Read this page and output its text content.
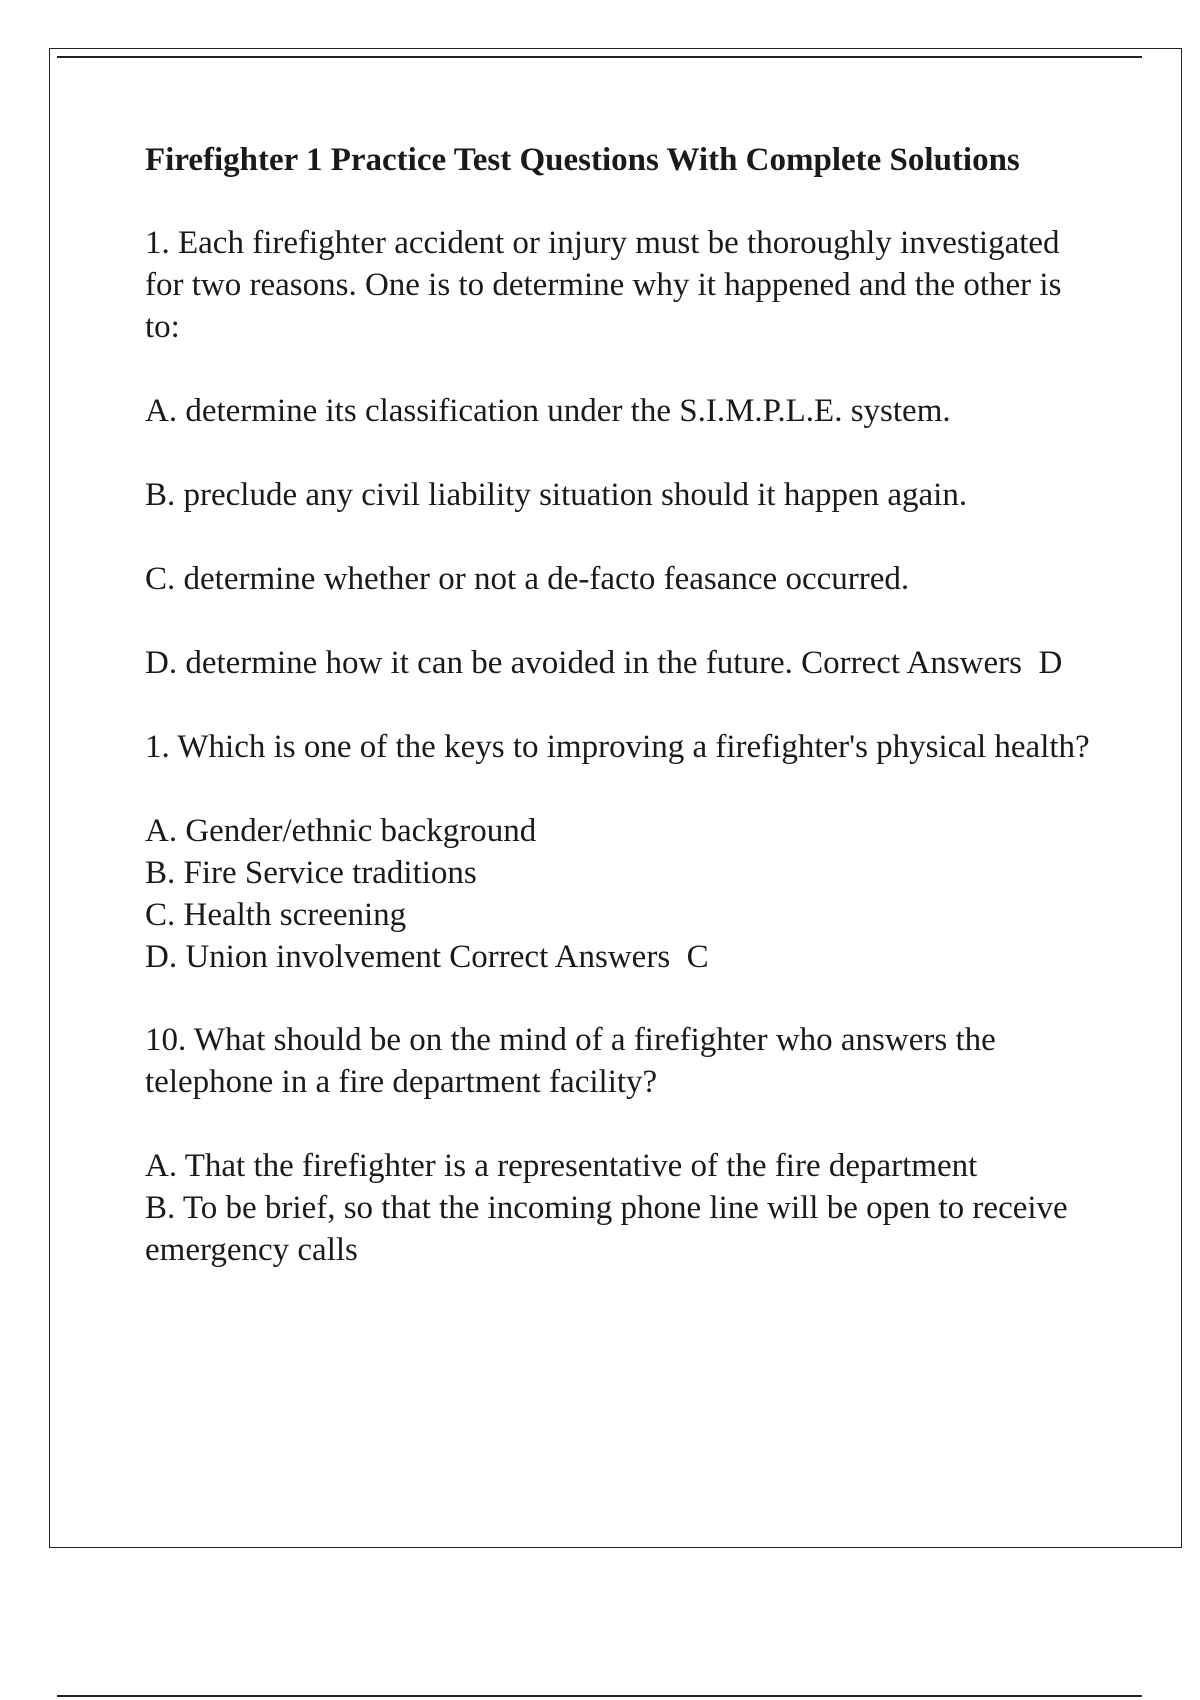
Firefighter 1 Practice Test Questions With Complete Solutions
1. Each firefighter accident or injury must be thoroughly investigated for two reasons. One is to determine why it happened and the other is to:
A. determine its classification under the S.I.M.P.L.E. system.
B. preclude any civil liability situation should it happen again.
C. determine whether or not a de-facto feasance occurred.
D. determine how it can be avoided in the future. Correct Answers  D
1. Which is one of the keys to improving a firefighter's physical health?
A. Gender/ethnic background
B. Fire Service traditions
C. Health screening
D. Union involvement Correct Answers  C
10. What should be on the mind of a firefighter who answers the telephone in a fire department facility?
A. That the firefighter is a representative of the fire department
B. To be brief, so that the incoming phone line will be open to receive emergency calls
